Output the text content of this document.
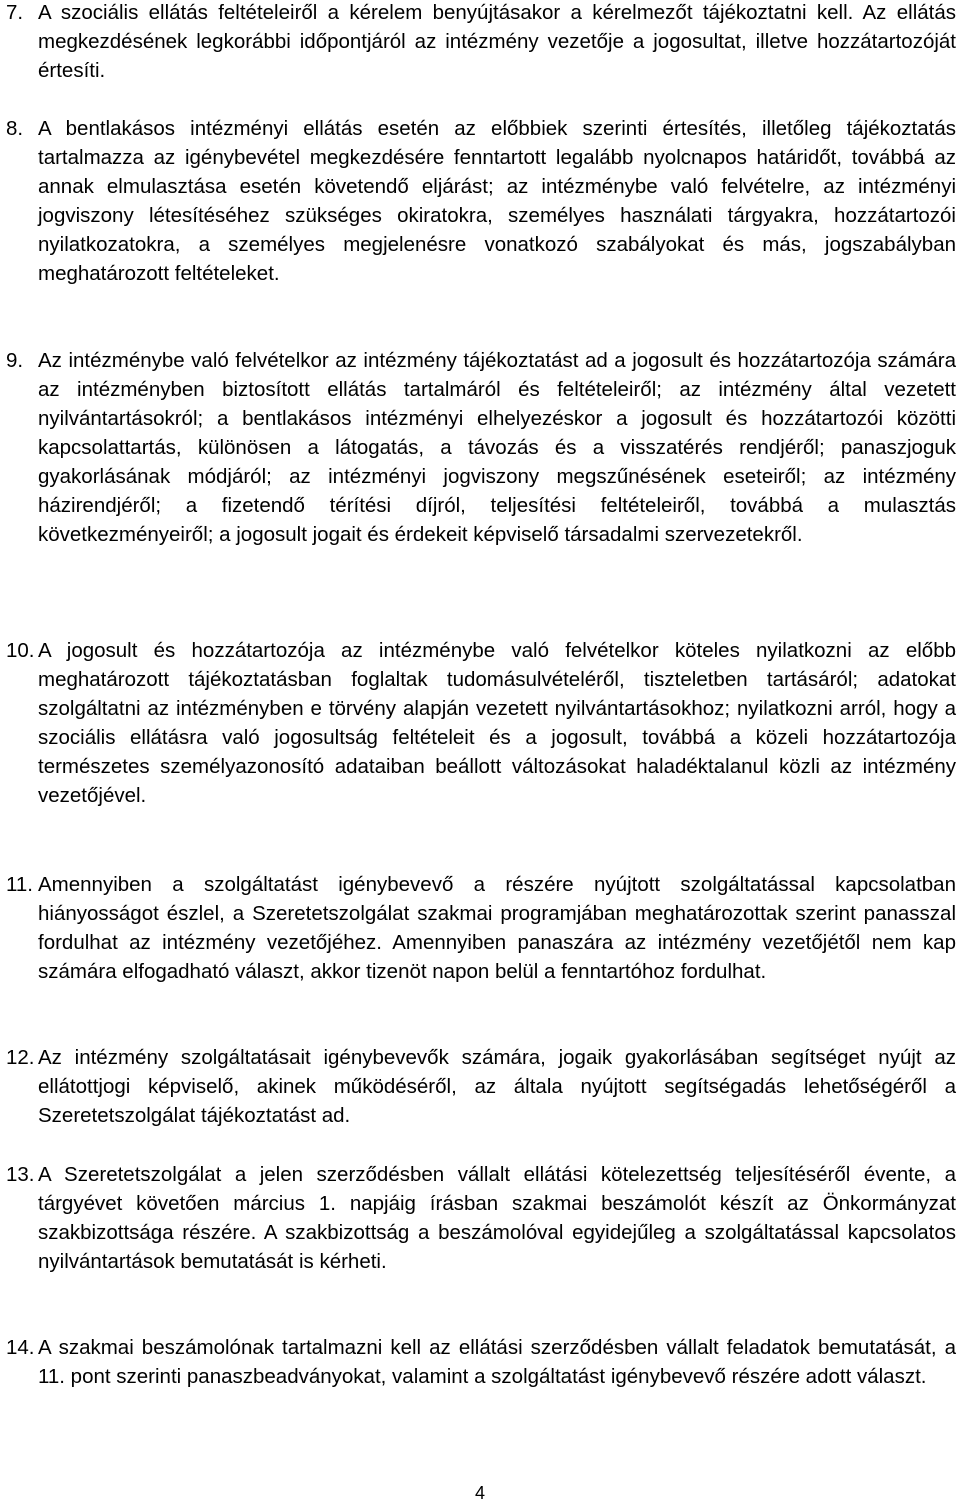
7. A szociális ellátás feltételeiről a kérelem benyújtásakor a kérelmezőt tájékoztatni kell. Az ellátás megkezdésének legkorábbi időpontjáról az intézmény vezetője a jogosultat, illetve hozzátartozóját értesíti.
8. A bentlakásos intézményi ellátás esetén az előbbiek szerinti értesítés, illetőleg tájékoztatás tartalmazza az igénybevétel megkezdésére fenntartott legalább nyolcnapos határidőt, továbbá az annak elmulasztása esetén követendő eljárást; az intézménybe való felvételre, az intézményi jogviszony létesítéséhez szükséges okiratokra, személyes használati tárgyakra, hozzátartozói nyilatkozatokra, a személyes megjelenésre vonatkozó szabályokat és más, jogszabályban meghatározott feltételeket.
9. Az intézménybe való felvételkor az intézmény tájékoztatást ad a jogosult és hozzátartozója számára az intézményben biztosított ellátás tartalmáról és feltételeiről; az intézmény által vezetett nyilvántartásokról; a bentlakásos intézményi elhelyezéskor a jogosult és hozzátartozói közötti kapcsolattartás, különösen a látogatás, a távozás és a visszatérés rendjéről; panaszjoguk gyakorlásának módjáról; az intézményi jogviszony megszűnésének eseteiről; az intézmény házirendjéről; a fizetendő térítési díjról, teljesítési feltételeiről, továbbá a mulasztás következményeiről; a jogosult jogait és érdekeit képviselő társadalmi szervezetekről.
10. A jogosult és hozzátartozója az intézménybe való felvételkor köteles nyilatkozni az előbb meghatározott tájékoztatásban foglaltak tudomásulvételéről, tiszteletben tartásáról; adatokat szolgáltatni az intézményben e törvény alapján vezetett nyilvántartásokhoz; nyilatkozni arról, hogy a szociális ellátásra való jogosultság feltételeit és a jogosult, továbbá a közeli hozzátartozója természetes személyazonosító adataiban beállott változásokat haladéktalanul közli az intézmény vezetőjével.
11. Amennyiben a szolgáltatást igénybevevő a részére nyújtott szolgáltatással kapcsolatban hiányosságot észlel, a Szeretetszolgálat szakmai programjában meghatározottak szerint panasszal fordulhat az intézmény vezetőjéhez. Amennyiben panaszára az intézmény vezetőjétől nem kap számára elfogadható választ, akkor tizenöt napon belül a fenntartóhoz fordulhat.
12. Az intézmény szolgáltatásait igénybevevők számára, jogaik gyakorlásában segítséget nyújt az ellátottjogi képviselő, akinek működéséről, az általa nyújtott segítségadás lehetőségéről a Szeretetszolgálat tájékoztatást ad.
13. A Szeretetszolgálat a jelen szerződésben vállalt ellátási kötelezettség teljesítéséről évente, a tárgyévet követően március 1. napjáig írásban szakmai beszámolót készít az Önkormányzat szakbizottsága részére. A szakbizottság a beszámolóval egyidejűleg a szolgáltatással kapcsolatos nyilvántartások bemutatását is kérheti.
14. A szakmai beszámolónak tartalmazni kell az ellátási szerződésben vállalt feladatok bemutatását, a 11. pont szerinti panaszbeadványokat, valamint a szolgáltatást igénybevevő részére adott választ.
4
